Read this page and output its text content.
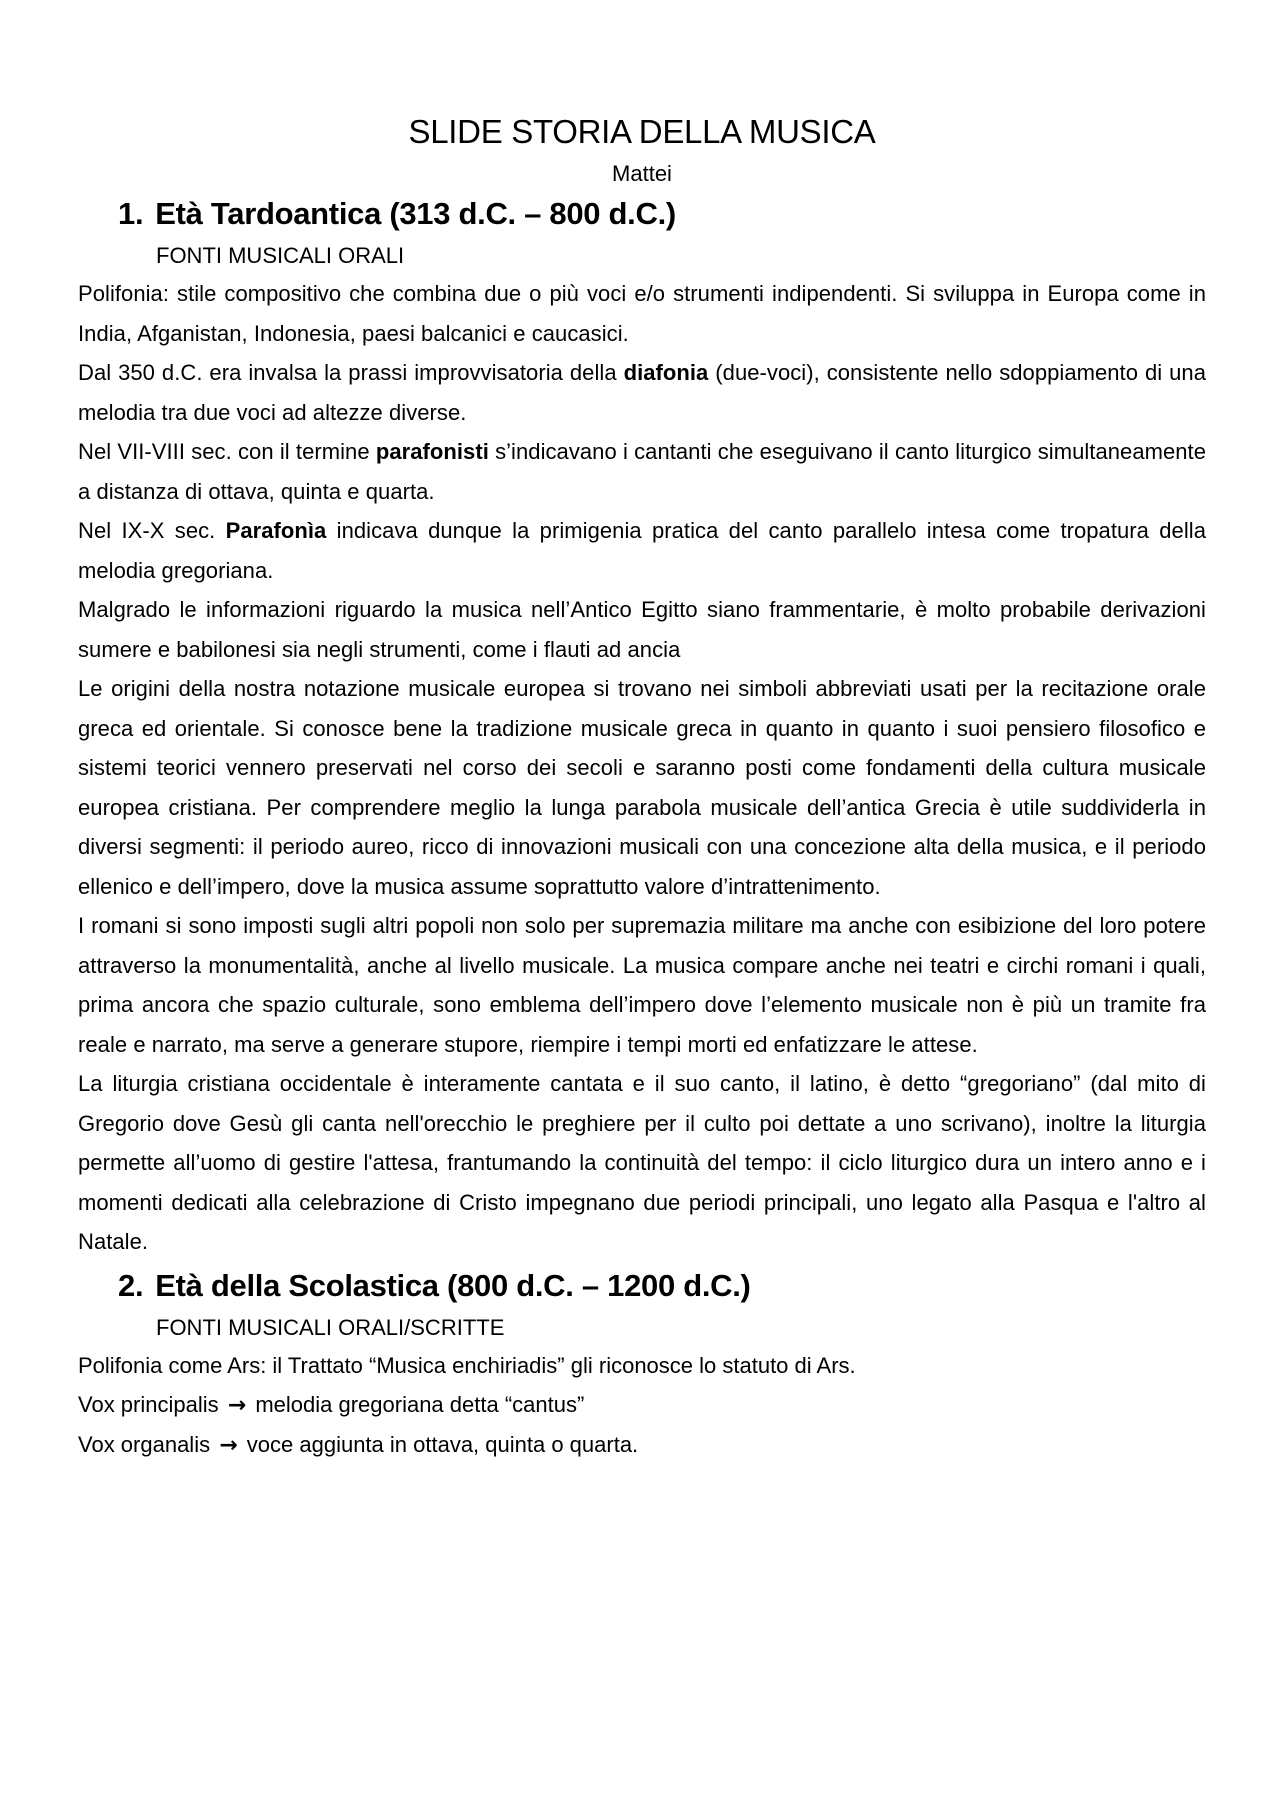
SLIDE STORIA DELLA MUSICA

Mattei

1. Età Tardoantica (313 d.C. – 800 d.C.)

FONTI MUSICALI ORALI

Polifonia: stile compositivo che combina due o più voci e/o strumenti indipendenti. Si sviluppa in Europa come in India, Afganistan, Indonesia, paesi balcanici e caucasici.

Dal 350 d.C. era invalsa la prassi improvvisatoria della diafonia (due-voci), consistente nello sdoppiamento di una melodia tra due voci ad altezze diverse.

Nel VII-VIII sec. con il termine parafonisti s’indicavano i cantanti che eseguivano il canto liturgico simultaneamente a distanza di ottava, quinta e quarta.

Nel IX-X sec. Parafonìa indicava dunque la primigenia pratica del canto parallelo intesa come tropatura della melodia gregoriana.

Malgrado le informazioni riguardo la musica nell’Antico Egitto siano frammentarie, è molto probabile derivazioni sumere e babilonesi sia negli strumenti, come i flauti ad ancia

Le origini della nostra notazione musicale europea si trovano nei simboli abbreviati usati per la recitazione orale greca ed orientale. Si conosce bene la tradizione musicale greca in quanto in quanto i suoi pensiero filosofico e sistemi teorici vennero preservati nel corso dei secoli e saranno posti come fondamenti della cultura musicale europea cristiana. Per comprendere meglio la lunga parabola musicale dell’antica Grecia è utile suddividerla in diversi segmenti: il periodo aureo, ricco di innovazioni musicali con una concezione alta della musica, e il periodo ellenico e dell’impero, dove la musica assume soprattutto valore d’intrattenimento.

I romani si sono imposti sugli altri popoli non solo per supremazia militare ma anche con esibizione del loro potere attraverso la monumentalità, anche al livello musicale. La musica compare anche nei teatri e circhi romani i quali, prima ancora che spazio culturale, sono emblema dell’impero dove l’elemento musicale non è più un tramite fra reale e narrato, ma serve a generare stupore, riempire i tempi morti ed enfatizzare le attese.

La liturgia cristiana occidentale è interamente cantata e il suo canto, il latino, è detto “gregoriano” (dal mito di Gregorio dove Gesù gli canta nell'orecchio le preghiere per il culto poi dettate a uno scrivano), inoltre la liturgia permette all’uomo di gestire l'attesa, frantumando la continuità del tempo: il ciclo liturgico dura un intero anno e i momenti dedicati alla celebrazione di Cristo impegnano due periodi principali, uno legato alla Pasqua e l'altro al Natale.

2. Età della Scolastica (800 d.C. – 1200 d.C.)

FONTI MUSICALI ORALI/SCRITTE

Polifonia come Ars: il Trattato “Musica enchiriadis” gli riconosce lo statuto di Ars.

Vox principalis → melodia gregoriana detta “cantus”

Vox organalis → voce aggiunta in ottava, quinta o quarta.
